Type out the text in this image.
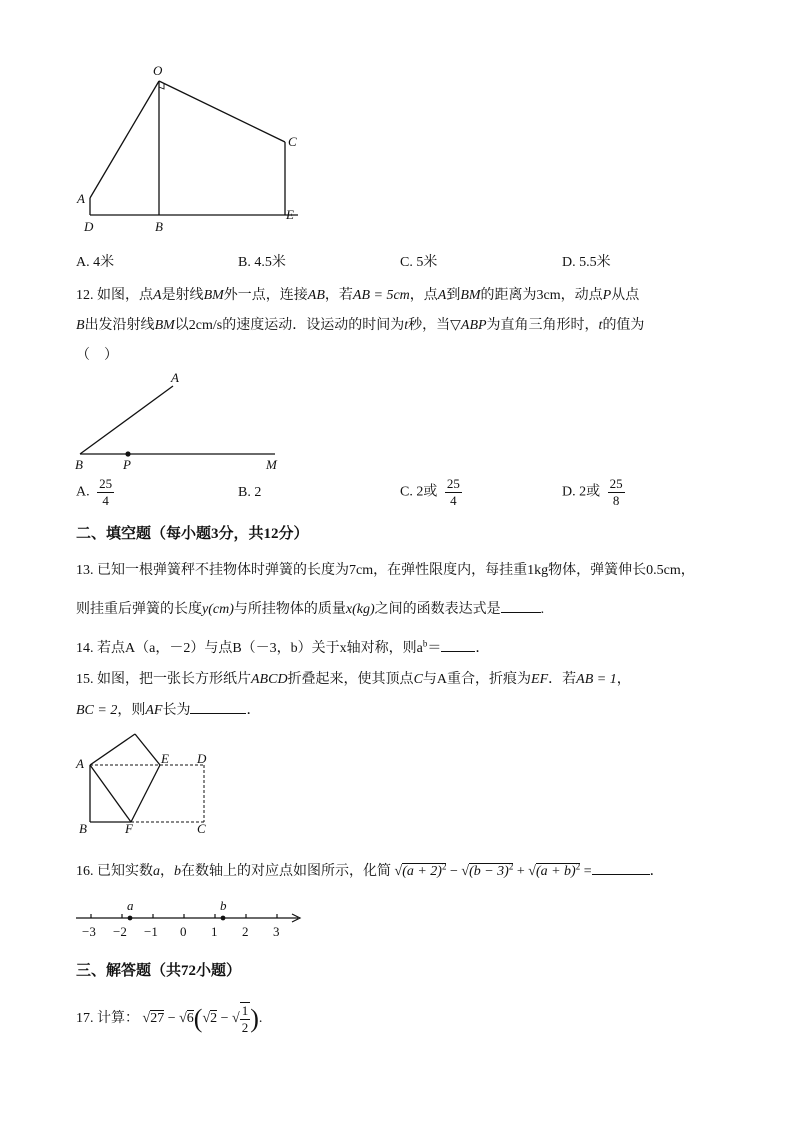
O
A
C
D	B
E
A. 4米	B. 4.5米	C. 5米	D. 5.5米
12. 如图，点A是射线BM外一点，连接AB，若AB = 5cm，点A到BM的距离为3cm，动点P从点
B出发沿射线BM以2cm/s的速度运动．设运动的时间为t秒，当▽ABP为直角三角形时，t的值为
（　）
A
B	P	M
A. $\frac{25}{4}$	B. 2	C. 2或 $\frac{25}{4}$	D. 2或 $\frac{25}{8}$
二、填空题（每小题3分，共12分）
13. 已知一根弹簧秤不挂物体时弹簧的长度为7cm，在弹性限度内，每挂重1kg物体，弹簧伸长0.5cm，
则挂重后弹簧的长度y(cm)与所挂物体的质量x(kg)之间的函数表达式是	.
14. 若点A（a，－2）与点B（－3，b）关于x轴对称，则$a^b=$ ．
15. 如图，把一张长方形纸片ABCD折叠起来，使其顶点C与A重合，折痕为EF．若AB = 1，
BC = 2，则AF长为	．
A	E D
B	F	C
16. 已知实数a，b在数轴上的对应点如图所示，化简 $√(a + 2)^2 - √(b - 3)^2 + √(a + b)^2$ =	．
a	b
−3 −2 −1 0 1 2 3
三、解答题（共72小题）
17. 计算： √27 − √6(√2 − √ $\frac{1}{2}$ ).
